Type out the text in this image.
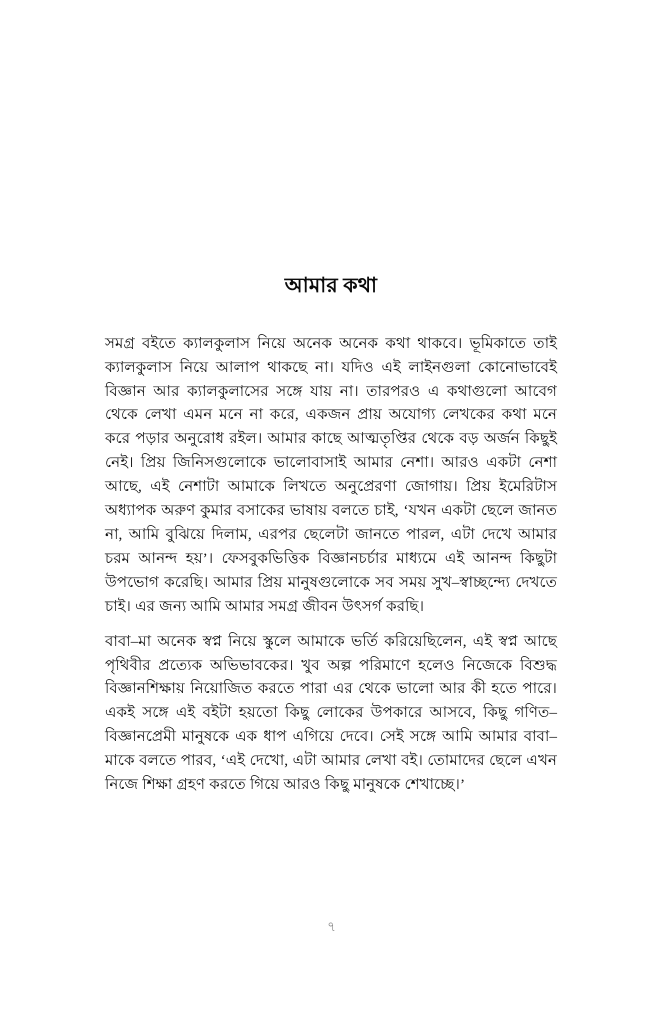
আমার কথা

সমগ্র বইতে ক্যালকুলাস নিয়ে অনেক অনেক কথা থাকবে। ভূমিকাতে তাই ক্যালকুলাস নিয়ে আলাপ থাকছে না। যদিও এই লাইনগুলা কোনোভাবেই বিজ্ঞান আর ক্যালকুলাসের সঙ্গে যায় না। তারপরও এ কথাগুলো আবেগ থেকে লেখা এমন মনে না করে, একজন প্রায় অযোগ্য লেখকের কথা মনে করে পড়ার অনুরোধ রইল। আমার কাছে আত্মতৃপ্তির থেকে বড় অর্জন কিছুই নেই। প্রিয় জিনিসগুলোকে ভালোবাসাই আমার নেশা। আরও একটা নেশা আছে, এই নেশাটা আমাকে লিখতে অনুপ্রেরণা জোগায়। প্রিয় ইমেরিটাস অধ্যাপক অরুণ কুমার বসাকের ভাষায় বলতে চাই, ‘যখন একটা ছেলে জানত না, আমি বুঝিয়ে দিলাম, এরপর ছেলেটা জানতে পারল, এটা দেখে আমার চরম আনন্দ হয়’। ফেসবুকভিত্তিক বিজ্ঞানচর্চার মাধ্যমে এই আনন্দ কিছুটা উপভোগ করেছি। আমার প্রিয় মানুষগুলোকে সব সময় সুখ–স্বাচ্ছন্দ্যে দেখতে চাই। এর জন্য আমি আমার সমগ্র জীবন উৎসর্গ করছি।

বাবা–মা অনেক স্বপ্ন নিয়ে স্কুলে আমাকে ভর্তি করিয়েছিলেন, এই স্বপ্ন আছে পৃথিবীর প্রত্যেক অভিভাবকের। খুব অল্প পরিমাণে হলেও নিজেকে বিশুদ্ধ বিজ্ঞানশিক্ষায় নিয়োজিত করতে পারা এর থেকে ভালো আর কী হতে পারে। একই সঙ্গে এই বইটা হয়তো কিছু লোকের উপকারে আসবে, কিছু গণিত–বিজ্ঞানপ্রেমী মানুষকে এক ধাপ এগিয়ে দেবে। সেই সঙ্গে আমি আমার বাবা–মাকে বলতে পারব, ‘এই দেখো, এটা আমার লেখা বই। তোমাদের ছেলে এখন নিজে শিক্ষা গ্রহণ করতে গিয়ে আরও কিছু মানুষকে শেখাচ্ছে।’

৭
